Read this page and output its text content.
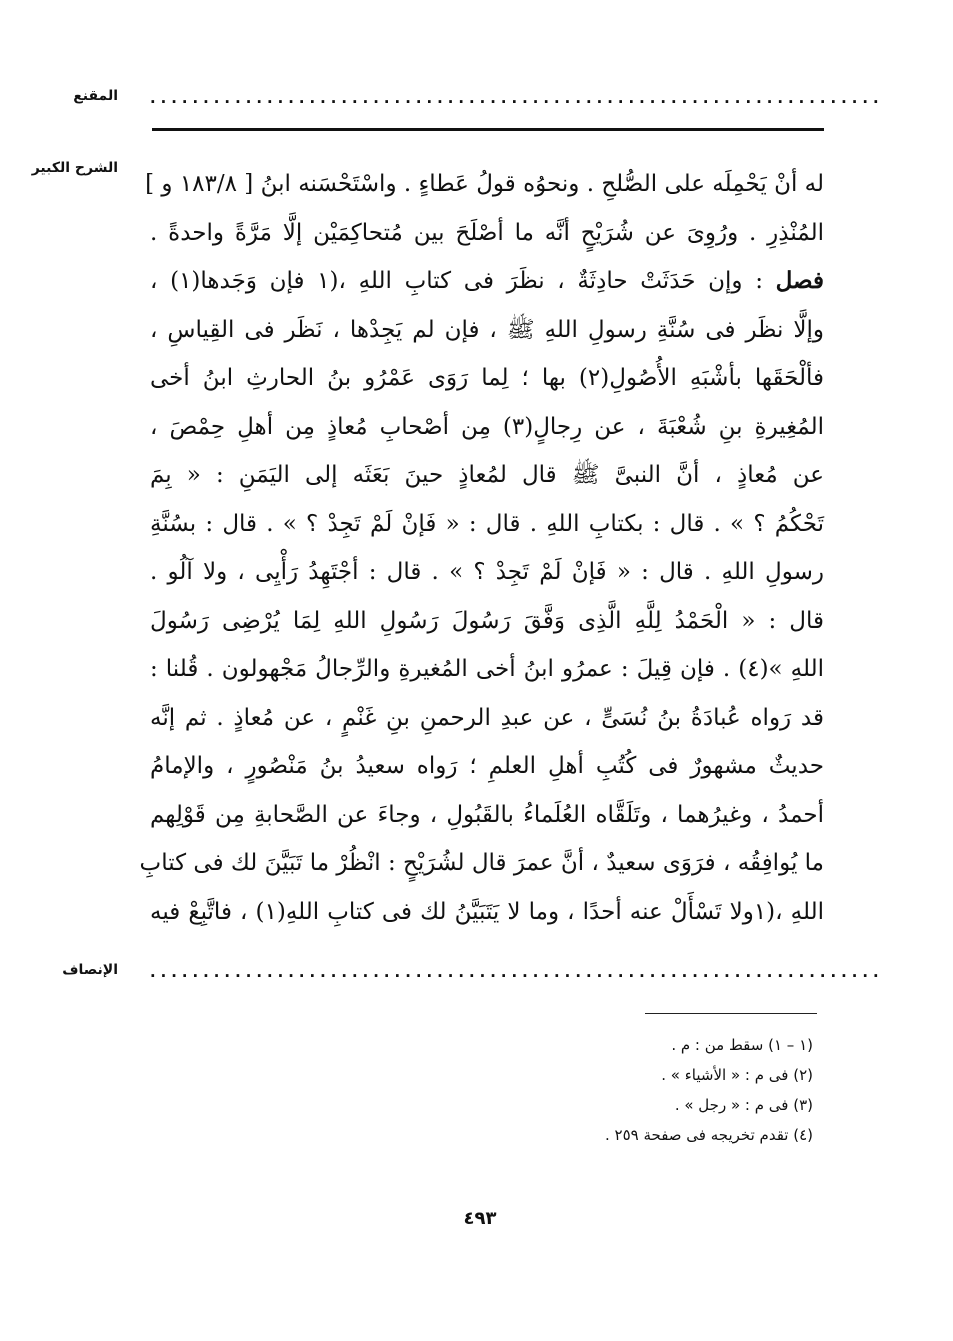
المقنع .....................................................................
الشرح الكبير
له أنْ يَحْمِلَه على الصُّلحِ . ونحوُه قولُ عَطاءٍ . واسْتَحْسَنه ابنُ [ ١٨٣/٨ و ]
المُنْذِرِ . ورُوِىَ عن شُرَيْحٍ أنَّه ما أصْلَحَ بين مُتحاكِمَيْن إلَّا مَرَّةً واحدةً .
فصل : وإن حَدَثَتْ حادِثَةٌ ، نظَرَ فى كتابِ اللهِ ،(١ فإن وَجَدها(١) ،
وإلَّا نظَر فى سُنَّةِ رسولِ اللهِ ﷺ ، فإن لم يَجِدْها ، نَظَر فى القِياسِ ،
فألْحَقَها بأشْبَهِ الأُصُولِ(٢) بها ؛ لِما رَوَى عَمْرُو بنُ الحارثِ ابنُ أخى
المُغِيرةِ بنِ شُعْبَةَ ، عن رِجالٍ(٣) مِن أصْحابِ مُعاذٍ مِن أهلِ حِمْصَ ،
عن مُعاذٍ ، أنَّ النبىَّ ﷺ قال لمُعاذٍ حينَ بَعَثَه إلى اليَمَنِ : « بِمَ
تَحْكُمُ ؟ » . قال : بكتابِ اللهِ . قال : « فَإنْ لَمْ تَجِدْ ؟ » . قال : بسُنَّةِ
رسولِ اللهِ . قال : « فَإنْ لَمْ تَجِدْ ؟ » . قال : أجْتَهِدُ رَأْيِى ، ولا آلُو .
قال : « الْحَمْدُ لِلَّهِ الَّذِى وَفَّقَ رَسُولَ رَسُولِ اللهِ لِمَا يُرْضِى رَسُولَ
اللهِ »(٤) . فإن قِيلَ : عمرُو ابنُ أخى المُغيرةِ والرِّجالُ مَجْهولون . قُلنا :
قد رَواه عُبادَةُ بنُ نُسَىٍّ ، عن عبدِ الرحمنِ بنِ غَنْمٍ ، عن مُعاذٍ . ثم إنَّه
حديثٌ مشهورٌ فى كُتُبِ أهلِ العلمِ ؛ رَواه سعيدُ بنُ مَنْصُورٍ ، والإمامُ
أحمدُ ، وغيرُهما ، وتَلَقَّاه العُلَماءُ بالقَبُولِ ، وجاءَ عن الصَّحابةِ مِن قَوْلِهم
ما يُوافِقُه ، فرَوَى سعيدٌ ، أنَّ عمرَ قال لشُرَيْحٍ : انْظُرْ ما تَبَيَّنَ لك فى كتابِ
اللهِ ،(١ولا تَسْأَلْ عنه أحدًا ، وما لا يَتَبَيَّنُ لك فى كتابِ اللهِ(١) ، فاتَّبِعْ فيه
الإنصاف .....................................................................
(١ – ١) سقط من : م .
(٢) فى م : « الأشياء » .
(٣) فى م : « رجل » .
(٤) تقدم تخريجه فى صفحة ٢٥٩ .
٤٩٣
